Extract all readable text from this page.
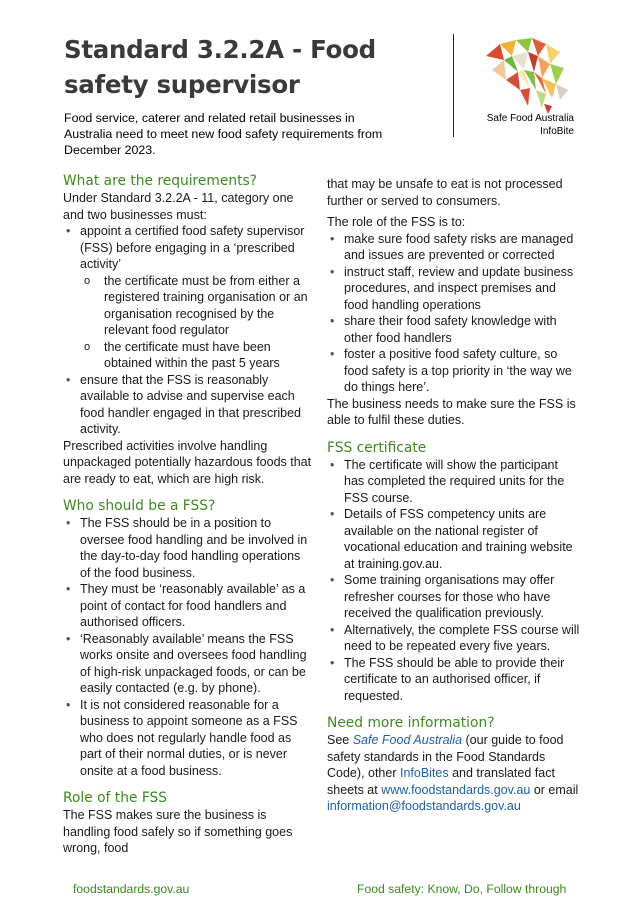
Standard 3.2.2A - Food safety supervisor
Food service, caterer and related retail businesses in Australia need to meet new food safety requirements from December 2023.
Safe Food Australia
InfoBite
What are the requirements?

Under Standard 3.2.2A - 11, category one and two businesses must:

• appoint a certified food safety supervisor (FSS) before engaging in a ‘prescribed activity’
o the certificate must be from either a registered training organisation or an organisation recognised by the relevant food regulator
o the certificate must have been obtained within the past 5 years
• ensure that the FSS is reasonably available to advise and supervise each food handler engaged in that prescribed activity.

Prescribed activities involve handling unpackaged potentially hazardous foods that are ready to eat, which are high risk.

Who should be a FSS?
• The FSS should be in a position to oversee food handling and be involved in the day-to-day food handling operations of the food business.
• They must be ‘reasonably available’ as a point of contact for food handlers and authorised officers.
• ‘Reasonably available’ means the FSS works onsite and oversees food handling of high-risk unpackaged foods, or can be easily contacted (e.g. by phone).
• It is not considered reasonable for a business to appoint someone as a FSS who does not regularly handle food as part of their normal duties, or is never onsite at a food business.
Role of the FSS

The FSS makes sure the business is handling food safely so if something goes wrong, food

that may be unsafe to eat is not processed further or served to consumers.

The role of the FSS is to:

• make sure food safety risks are managed and issues are prevented or corrected
• instruct staff, review and update business procedures, and inspect premises and food handling operations
• share their food safety knowledge with other food handlers
• foster a positive food safety culture, so food safety is a top priority in ‘the way we do things here’.

The business needs to make sure the FSS is able to fulfil these duties.

FSS certificate
• The certificate will show the participant has completed the required units for the FSS course.
• Details of FSS competency units are available on the national register of vocational education and training website at training.gov.au.
• Some training organisations may offer refresher courses for those who have received the qualification previously.
• Alternatively, the complete FSS course will need to be repeated every five years.
• The FSS should be able to provide their certificate to an authorised officer, if requested.
Need more information?

See Safe Food Australia (our guide to food safety standards in the Food Standards Code), other InfoBites and translated fact sheets at www.foodstandards.gov.au or email information@foodstandards.gov.au

foodstandards.gov.au	Food safety: Know, Do, Follow through
